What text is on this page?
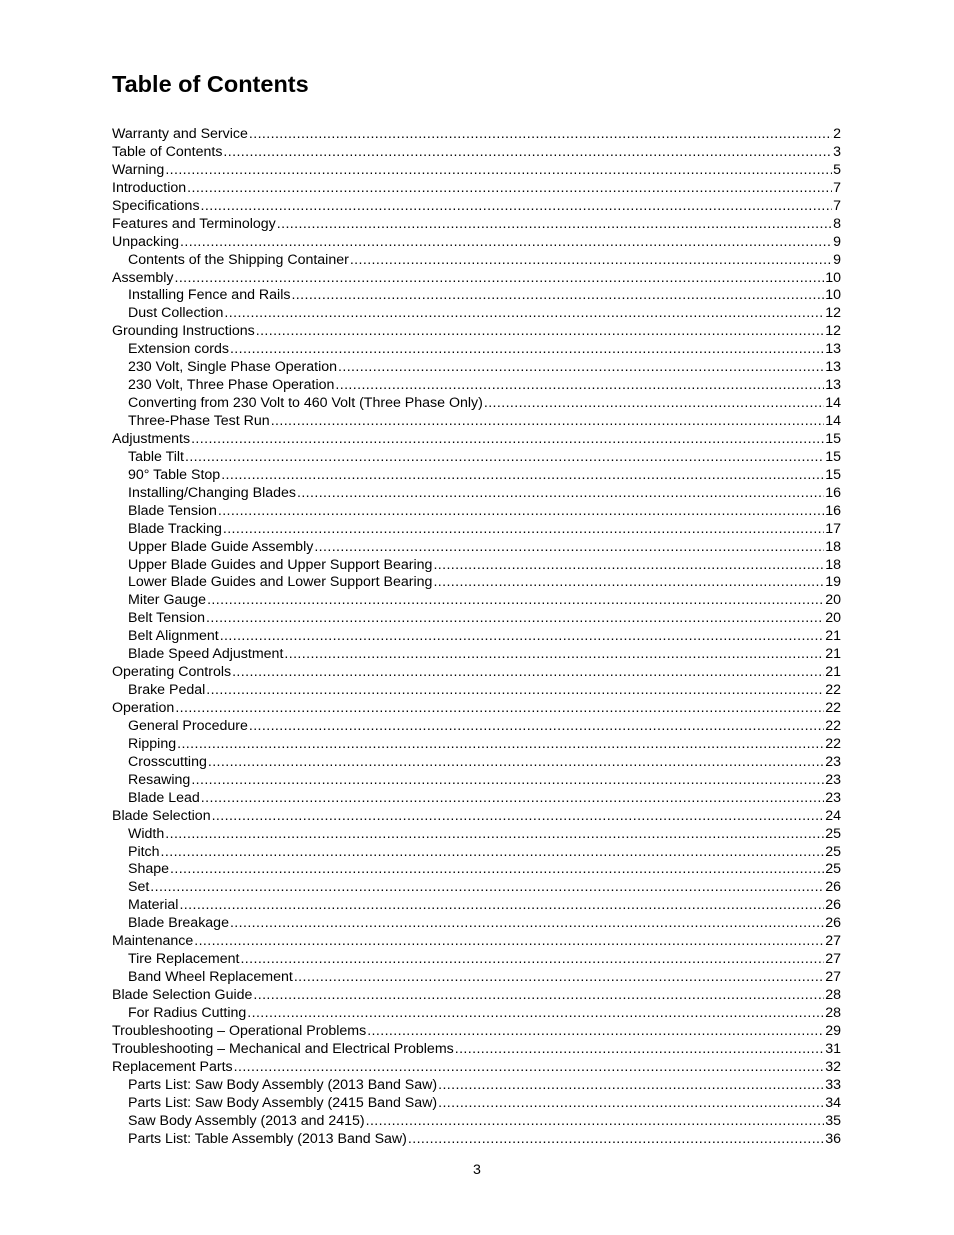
Table of Contents
Warranty and Service .....	2
Table of Contents .....	3
Warning .....	5
Introduction .....	7
Specifications .....	7
Features and Terminology .....	8
Unpacking .....	9
Contents of the Shipping Container .....	9
Assembly .....	10
Installing Fence and Rails .....	10
Dust Collection .....	12
Grounding Instructions .....	12
Extension cords .....	13
230 Volt, Single Phase Operation .....	13
230 Volt, Three Phase Operation .....	13
Converting from 230 Volt to 460 Volt (Three Phase Only) .....	14
Three-Phase Test Run .....	14
Adjustments .....	15
Table Tilt .....	15
90° Table Stop .....	15
Installing/Changing Blades .....	16
Blade Tension .....	16
Blade Tracking .....	17
Upper Blade Guide Assembly .....	18
Upper Blade Guides and Upper Support Bearing .....	18
Lower Blade Guides and Lower Support Bearing .....	19
Miter Gauge .....	20
Belt Tension .....	20
Belt Alignment .....	21
Blade Speed Adjustment .....	21
Operating Controls .....	21
Brake Pedal .....	22
Operation .....	22
General Procedure .....	22
Ripping .....	22
Crosscutting .....	23
Resawing .....	23
Blade Lead .....	23
Blade Selection .....	24
Width .....	25
Pitch .....	25
Shape .....	25
Set .....	26
Material .....	26
Blade Breakage .....	26
Maintenance .....	27
Tire Replacement .....	27
Band Wheel Replacement .....	27
Blade Selection Guide .....	28
For Radius Cutting .....	28
Troubleshooting – Operational Problems .....	29
Troubleshooting – Mechanical and Electrical Problems .....	31
Replacement Parts .....	32
Parts List: Saw Body Assembly (2013 Band Saw) .....	33
Parts List: Saw Body Assembly (2415 Band Saw) .....	34
Saw Body Assembly (2013 and 2415) .....	35
Parts List: Table Assembly (2013 Band Saw) .....	36
3
